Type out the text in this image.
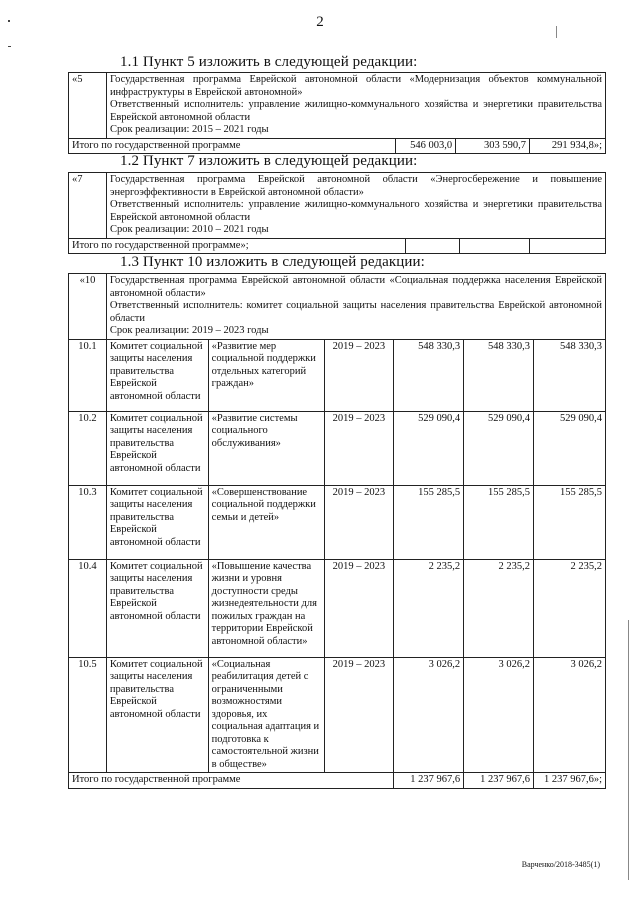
2
1.1 Пункт 5 изложить в следующей редакции:
«5	Государственная программа Еврейской автономной области «Модернизация объектов коммунальной инфраструктуры в Еврейской автономной»
Ответственный исполнитель: управление жилищно-коммунального хозяйства и энергетики правительства Еврейской автономной области
Срок реализации: 2015 – 2021 годы			

Итого по государственной программе		546 003,0	303 590,7	291 934,8»;
1.2 Пункт 7 изложить в следующей редакции:
«7	Государственная программа Еврейской автономной области «Энергосбережение и повышение энергоэффективности в Еврейской автономной области»
Ответственный исполнитель: управление жилищно-коммунального хозяйства и энергетики правительства Еврейской автономной области
Срок реализации: 2010 – 2021 годы			

Итого по государственной программе»;				
1.3 Пункт 10 изложить в следующей редакции:
«10	Государственная программа Еврейской автономной области «Социальная поддержка населения Еврейской автономной области»
Ответственный исполнитель: комитет социальной защиты населения правительства Еврейской автономной области
Срок реализации: 2019 – 2023 годы					

10.1	Комитет социальной защиты населения правительства Еврейской автономной области	«Развитие мер социальной поддержки отдельных категорий граждан»	2019 – 2023	548 330,3	548 330,3	548 330,3
10.2	Комитет социальной защиты населения правительства Еврейской автономной области	«Развитие системы социального обслуживания»	2019 – 2023	529 090,4	529 090,4	529 090,4
10.3	Комитет социальной защиты населения правительства Еврейской автономной области	«Совершенствование социальной поддержки семьи и детей»	2019 – 2023	155 285,5	155 285,5	155 285,5
10.4	Комитет социальной защиты населения правительства Еврейской автономной области	«Повышение качества жизни и уровня доступности среды жизнедеятельности для пожилых граждан на территории Еврейской автономной области»	2019 – 2023	2 235,2	2 235,2	2 235,2
10.5	Комитет социальной защиты населения правительства Еврейской автономной области	«Социальная реабилитация детей с ограниченными возможностями здоровья, их социальная адаптация и подготовка к самостоятельной жизни в обществе»	2019 – 2023	3 026,2	3 026,2	3 026,2
Итого по государственной программе				1 237 967,6	1 237 967,6	1 237 967,6»;
Варченко/2018-3485(1)
